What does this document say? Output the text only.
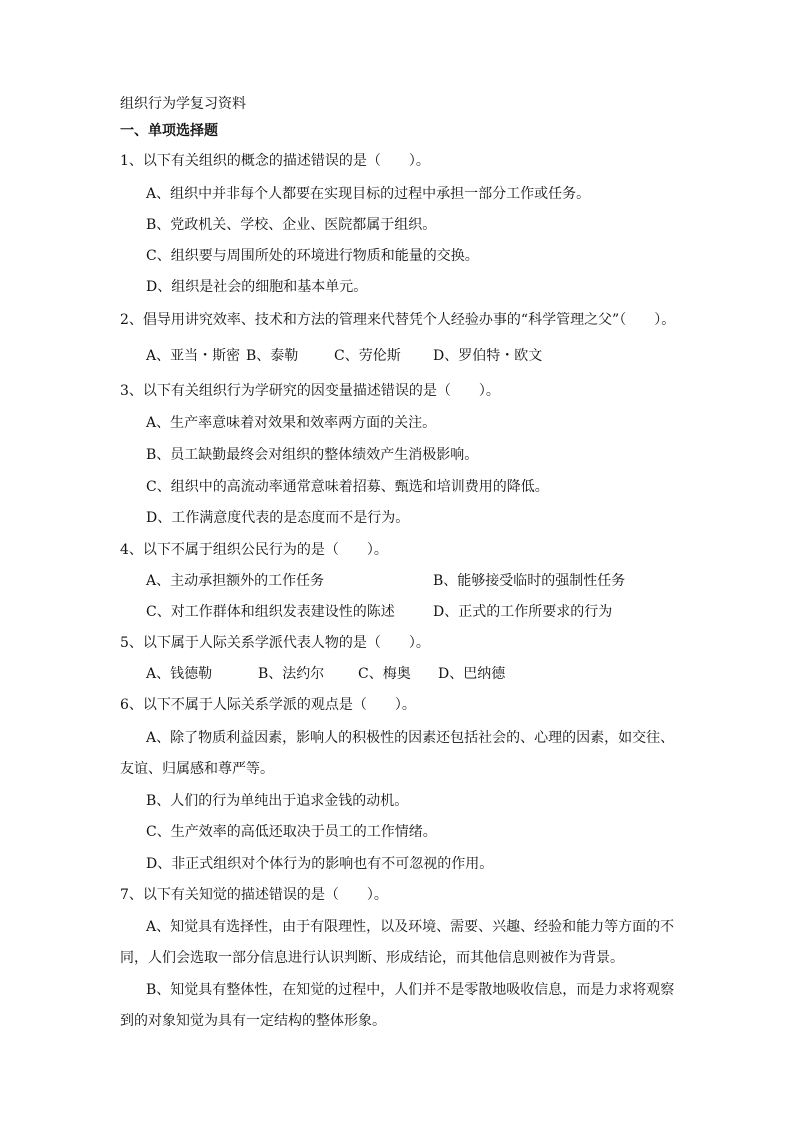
组织行为学复习资料
一、单项选择题
1、以下有关组织的概念的描述错误的是（　　）。
A、组织中并非每个人都要在实现目标的过程中承担一部分工作或任务。
B、党政机关、学校、企业、医院都属于组织。
C、组织要与周围所处的环境进行物质和能量的交换。
D、组织是社会的细胞和基本单元。
2、倡导用讲究效率、技术和方法的管理来代替凭个人经验办事的“科学管理之父”（　　）。
A、亚当・斯密 B、泰勒	C、劳伦斯 D、罗伯特・欧文
3、以下有关组织行为学研究的因变量描述错误的是（　　）。
A、生产率意味着对效果和效率两方面的关注。
B、员工缺勤最终会对组织的整体绩效产生消极影响。
C、组织中的高流动率通常意味着招募、甄选和培训费用的降低。
D、工作满意度代表的是态度而不是行为。
4、以下不属于组织公民行为的是（　　）。
A、主动承担额外的工作任务	B、能够接受临时的强制性任务
C、对工作群体和组织发表建设性的陈述	D、正式的工作所要求的行为
5、以下属于人际关系学派代表人物的是（　　）。
A、钱德勒	B、法约尔 C、梅奥 D、巴纳德
6、以下不属于人际关系学派的观点是（　　）。
A、除了物质利益因素，影响人的积极性的因素还包括社会的、心理的因素，如交往、
友谊、归属感和尊严等。
B、人们的行为单纯出于追求金钱的动机。
C、生产效率的高低还取决于员工的工作情绪。
D、非正式组织对个体行为的影响也有不可忽视的作用。
7、以下有关知觉的描述错误的是（　　）。
A、知觉具有选择性，由于有限理性，以及环境、需要、兴趣、经验和能力等方面的不
同，人们会选取一部分信息进行认识判断、形成结论，而其他信息则被作为背景。
B、知觉具有整体性，在知觉的过程中，人们并不是零散地吸收信息，而是力求将观察
到的对象知觉为具有一定结构的整体形象。
